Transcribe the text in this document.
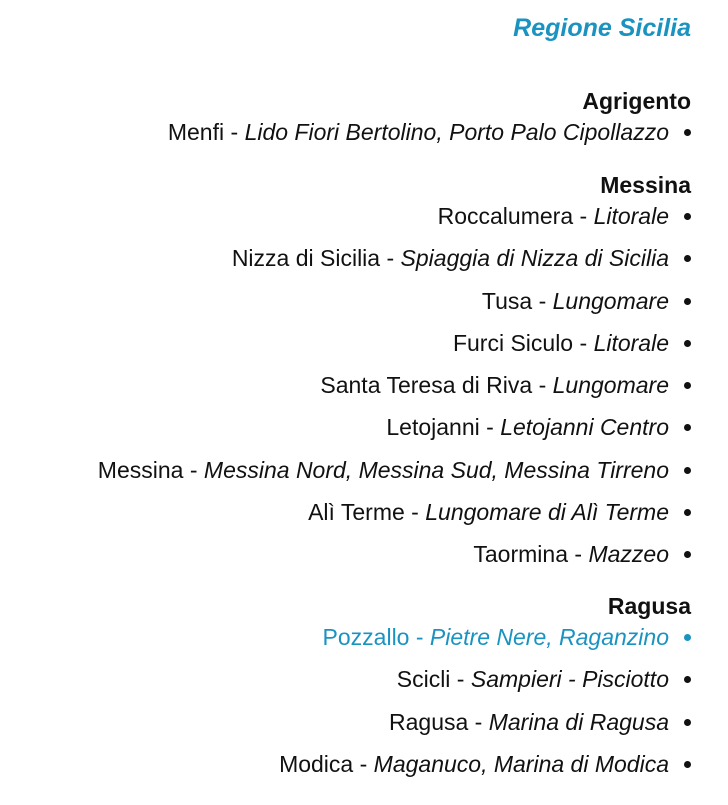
Regione Sicilia
Agrigento
Menfi - Lido Fiori Bertolino, Porto Palo Cipollazzo
Messina
Roccalumera - Litorale
Nizza di Sicilia - Spiaggia di Nizza di Sicilia
Tusa - Lungomare
Furci Siculo - Litorale
Santa Teresa di Riva - Lungomare
Letojanni - Letojanni Centro
Messina - Messina Nord, Messina Sud, Messina Tirreno
Alì Terme - Lungomare di Alì Terme
Taormina - Mazzeo
Ragusa
Pozzallo - Pietre Nere, Raganzino
Scicli - Sampieri - Pisciotto
Ragusa - Marina di Ragusa
Modica - Maganuco, Marina di Modica
